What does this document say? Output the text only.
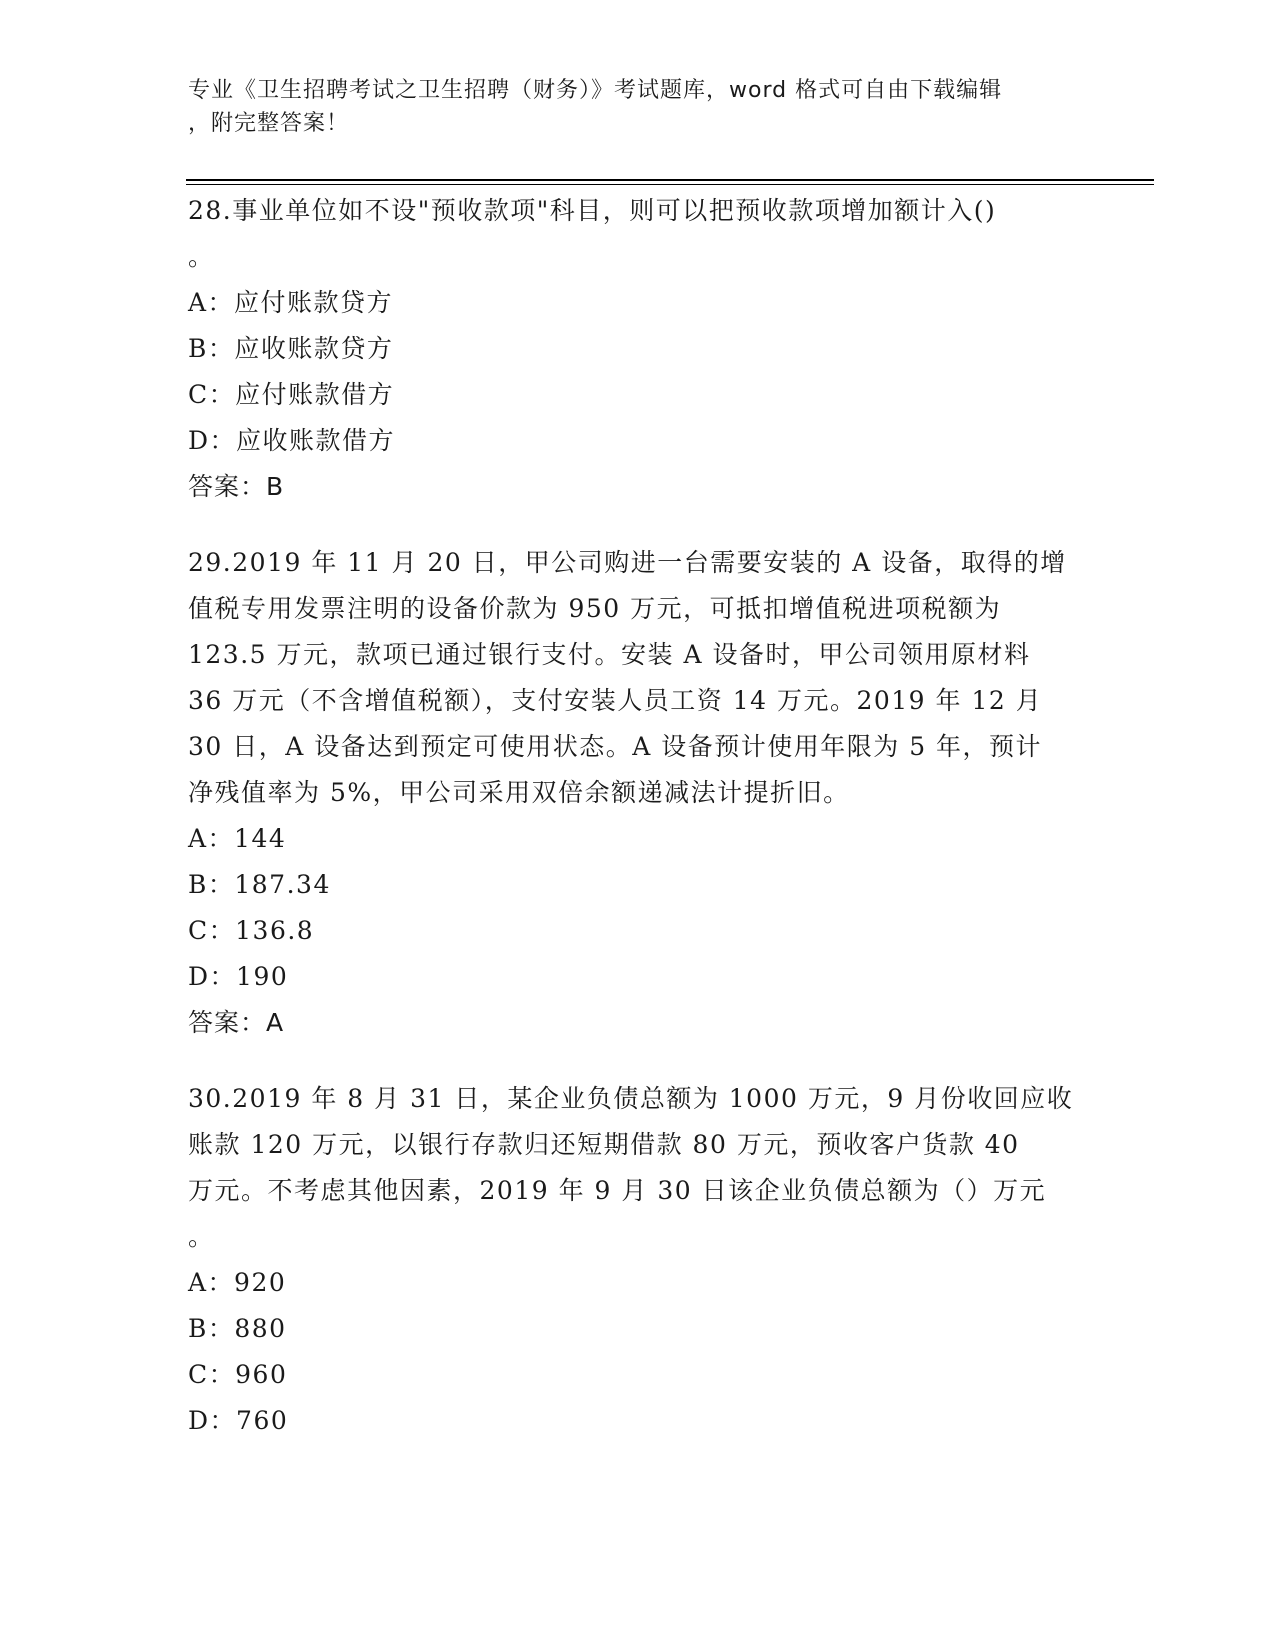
专业《卫生招聘考试之卫生招聘（财务）》考试题库，word 格式可自由下载编辑
，附完整答案！
28.事业单位如不设"预收款项"科目，则可以把预收款项增加额计入()
。
A：应付账款贷方
B：应收账款贷方
C：应付账款借方
D：应收账款借方
答案：B
29.2019 年 11 月 20 日，甲公司购进一台需要安装的 A 设备，取得的增
值税专用发票注明的设备价款为 950 万元，可抵扣增值税进项税额为
123.5 万元，款项已通过银行支付。安装 A 设备时，甲公司领用原材料
36 万元（不含增值税额），支付安装人员工资 14 万元。2019 年 12 月
30 日，A 设备达到预定可使用状态。A 设备预计使用年限为 5 年，预计
净残值率为 5%，甲公司采用双倍余额递减法计提折旧。
A：144
B：187.34
C：136.8
D：190
答案：A
30.2019 年 8 月 31 日，某企业负债总额为 1000 万元，9 月份收回应收
账款 120 万元，以银行存款归还短期借款 80 万元，预收客户货款 40
万元。不考虑其他因素，2019 年 9 月 30 日该企业负债总额为（）万元
。
A：920
B：880
C：960
D：760
